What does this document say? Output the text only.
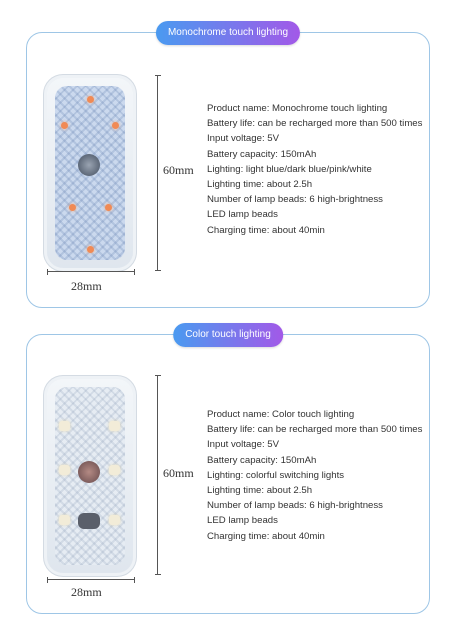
Monochrome touch lighting
60mm
28mm
Product name: Monochrome touch lighting
Battery life: can be recharged more than 500 times
Input voltage: 5V
Battery capacity: 150mAh
Lighting: light blue/dark blue/pink/white
Lighting time: about 2.5h
Number of lamp beads: 6 high-brightness
LED lamp beads
Charging time: about 40min
Color touch lighting
60mm
28mm
Product name: Color touch lighting
Battery life: can be recharged more than 500 times
Input voltage: 5V
Battery capacity: 150mAh
Lighting: colorful switching lights
Lighting time: about 2.5h
Number of lamp beads: 6 high-brightness
LED lamp beads
Charging time: about 40min
